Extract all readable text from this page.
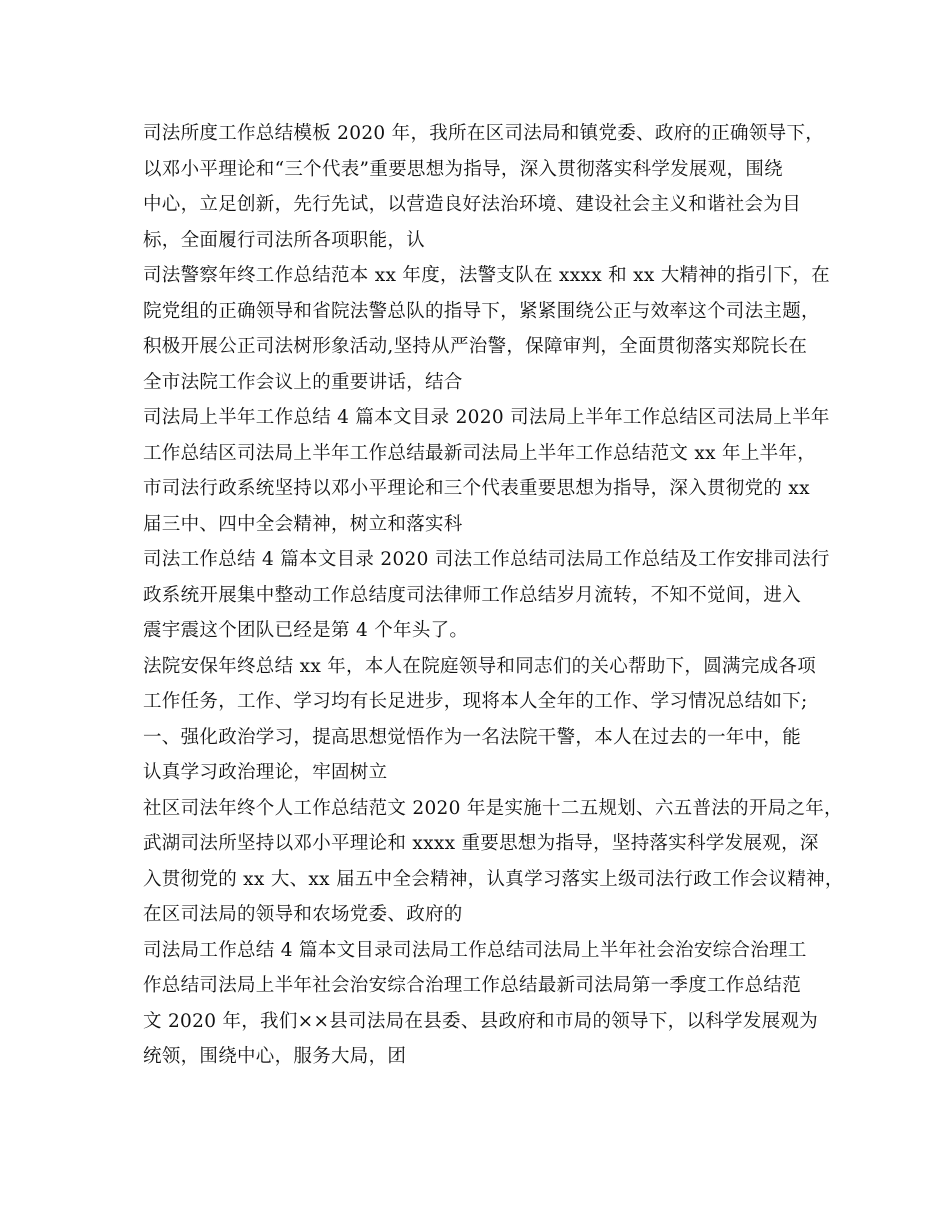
司法所度工作总结模板 2020 年，我所在区司法局和镇党委、政府的正确领导下，
以邓小平理论和“三个代表”重要思想为指导，深入贯彻落实科学发展观，围绕
中心，立足创新，先行先试，以营造良好法治环境、建设社会主义和谐社会为目
标，全面履行司法所各项职能，认
司法警察年终工作总结范本 xx 年度，法警支队在 xxxx 和 xx 大精神的指引下，在
院党组的正确领导和省院法警总队的指导下，紧紧围绕公正与效率这个司法主题，
积极开展公正司法树形象活动,坚持从严治警，保障审判，全面贯彻落实郑院长在
全市法院工作会议上的重要讲话，结合
司法局上半年工作总结 4 篇本文目录 2020 司法局上半年工作总结区司法局上半年
工作总结区司法局上半年工作总结最新司法局上半年工作总结范文 xx 年上半年，
市司法行政系统坚持以邓小平理论和三个代表重要思想为指导，深入贯彻党的 xx
届三中、四中全会精神，树立和落实科
司法工作总结 4 篇本文目录 2020 司法工作总结司法局工作总结及工作安排司法行
政系统开展集中整动工作总结度司法律师工作总结岁月流转，不知不觉间，进入
震宇震这个团队已经是第 4 个年头了。
法院安保年终总结 xx 年，本人在院庭领导和同志们的关心帮助下，圆满完成各项
工作任务，工作、学习均有长足进步，现将本人全年的工作、学习情况总结如下;
一、强化政治学习，提高思想觉悟作为一名法院干警，本人在过去的一年中，能
认真学习政治理论，牢固树立
社区司法年终个人工作总结范文 2020 年是实施十二五规划、六五普法的开局之年，
武湖司法所坚持以邓小平理论和 xxxx 重要思想为指导，坚持落实科学发展观，深
入贯彻党的 xx 大、xx 届五中全会精神，认真学习落实上级司法行政工作会议精神，
在区司法局的领导和农场党委、政府的
司法局工作总结 4 篇本文目录司法局工作总结司法局上半年社会治安综合治理工
作总结司法局上半年社会治安综合治理工作总结最新司法局第一季度工作总结范
文 2020 年，我们××县司法局在县委、县政府和市局的领导下，以科学发展观为
统领，围绕中心，服务大局，团
